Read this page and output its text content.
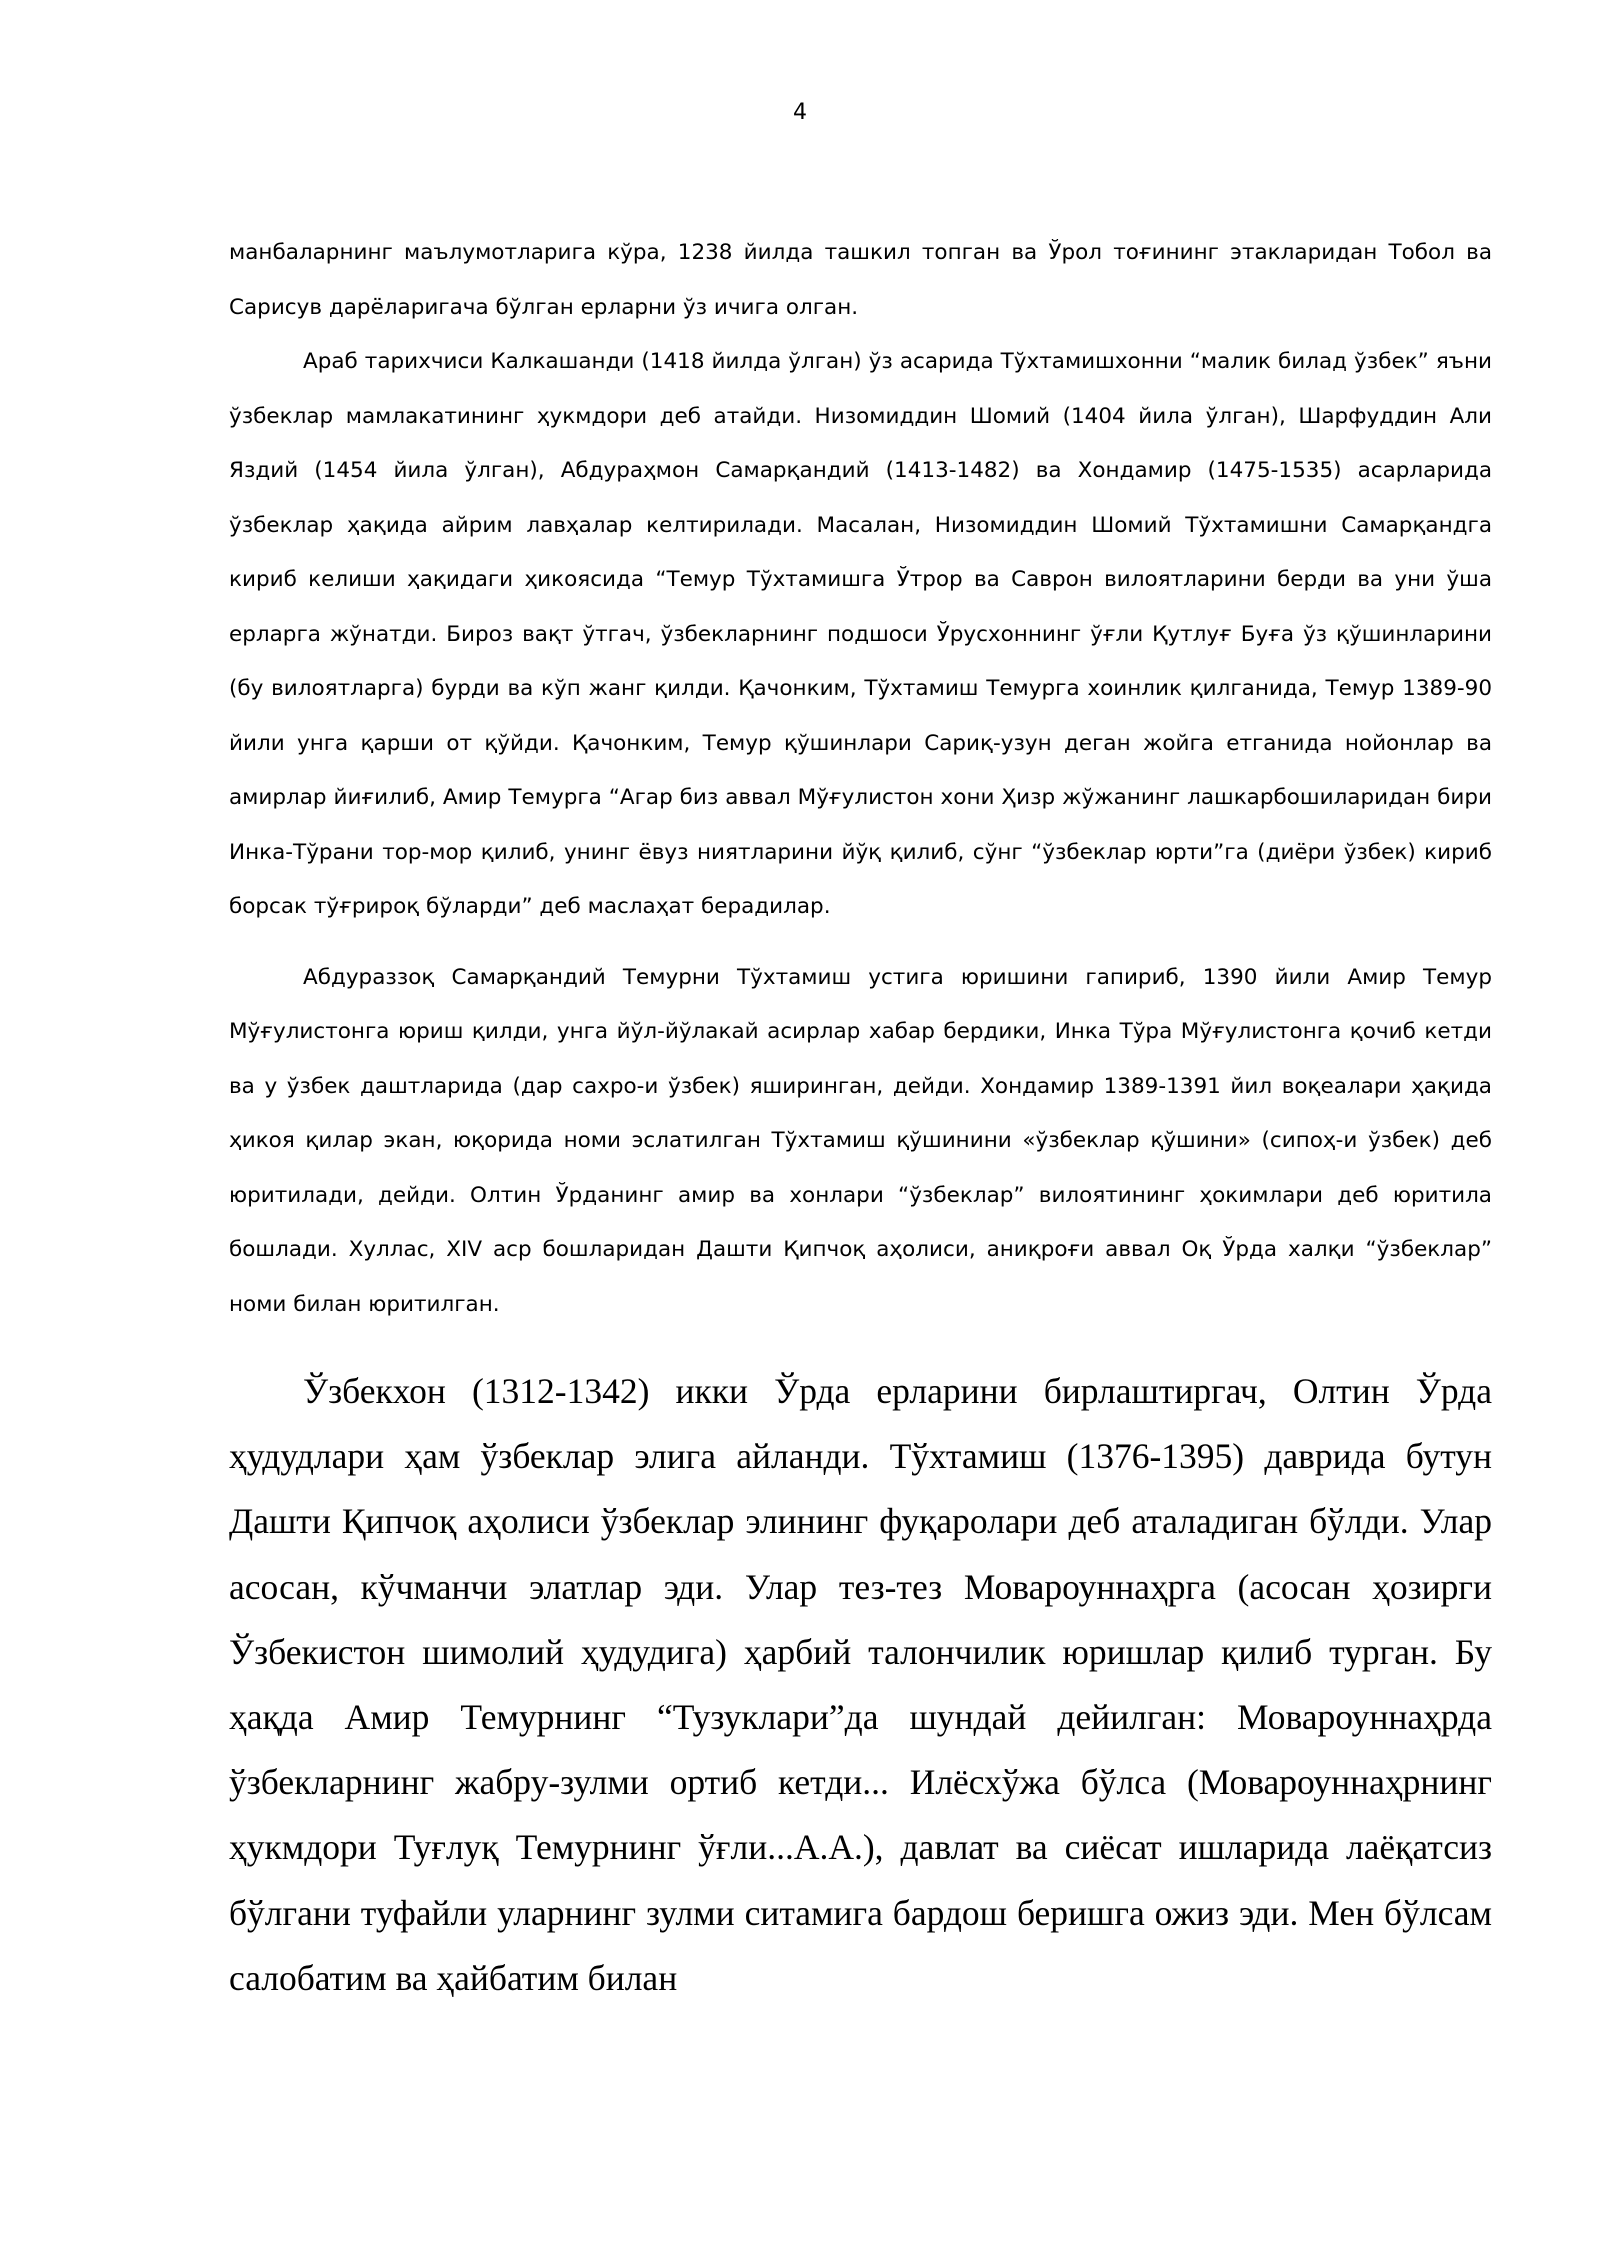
4

манбаларнинг маълумотларига кўра, 1238 йилда ташкил топган ва Ўрол тоғининг этакларидан Тобол ва Сарисув дарёларигача бўлган ерларни ўз ичига олган.

Араб тарихчиси Калкашанди (1418 йилда ўлган) ўз асарида Тўхтамишхонни “малик билад ўзбек” яъни ўзбеклар мамлакатининг ҳукмдори деб атайди. Низомиддин Шомий (1404 йила ўлган), Шарфуддин Али Яздий (1454 йила ўлган), Абдураҳмон Самарқандий (1413-1482) ва Хондамир (1475-1535) асарларида ўзбеклар ҳақида айрим лавҳалар келтирилади. Масалан, Низомиддин Шомий Тўхтамишни Самарқандга кириб келиши ҳақидаги ҳикоясида “Темур Тўхтамишга Ўтрор ва Саврон вилоятларини берди ва уни ўша ерларга жўнатди. Бироз вақт ўтгач, ўзбекларнинг подшоси Ўрусхоннинг ўғли Қутлуғ Буға ўз қўшинларини (бу вилоятларга) бурди ва кўп жанг қилди. Қачонким, Тўхтамиш Темурга хоинлик қилганида, Темур 1389-90 йили унга қарши от қўйди. Қачонким, Темур қўшинлари Сариқ-узун деган жойга етганида нойонлар ва амирлар йиғилиб, Амир Темурга “Агар биз аввал Мўғулистон хони Ҳизр жўжанинг лашкарбошиларидан бири Инка-Тўрани тор-мор қилиб, унинг ёвуз ниятларини йўқ қилиб, сўнг “ўзбеклар юрти”га (диёри ўзбек) кириб борсак тўғрироқ бўларди” деб маслаҳат берадилар.

Абдураззоқ Самарқандий Темурни Тўхтамиш устига юришини гапириб, 1390 йили Амир Темур Мўғулистонга юриш қилди, унга йўл-йўлакай асирлар хабар бердики, Инка Тўра Мўғулистонга қочиб кетди ва у ўзбек даштларида (дар сахро-и ўзбек) яширинган, дейди. Хондамир 1389-1391 йил воқеалари ҳақида ҳикоя қилар экан, юқорида номи эслатилган Тўхтамиш қўшинини «ўзбеклар қўшини» (сипоҳ-и ўзбек) деб юритилади, дейди. Олтин Ўрданинг амир ва хонлари “ўзбеклар” вилоятининг ҳокимлари деб юритила бошлади. Хуллас, XIV аср бошларидан Дашти Қипчоқ аҳолиси, аниқроғи аввал Оқ Ўрда халқи “ўзбеклар” номи билан юритилган.

Ўзбекхон (1312-1342) икки Ўрда ерларини бирлаштиргач, Олтин Ўрда ҳудудлари ҳам ўзбеклар элига айланди. Тўхтамиш (1376-1395) даврида бутун Дашти Қипчоқ аҳолиси ўзбеклар элининг фуқаролари деб аталадиган бўлди. Улар асосан, кўчманчи элатлар эди. Улар тез-тез Мовароуннаҳрга (асосан ҳозирги Ўзбекистон шимолий ҳудудига) ҳарбий талончилик юришлар қилиб турган. Бу ҳақда Амир Темурнинг “Тузуклари”да шундай дейилган: Мовароуннаҳрда ўзбекларнинг жабру-зулми ортиб кетди... Илёсхўжа бўлса (Мовароуннаҳрнинг ҳукмдори Туғлуқ Темурнинг ўғли...А.А.), давлат ва сиёсат ишларида лаёқатсиз бўлгани туфайли уларнинг зулми ситамига бардош беришга ожиз эди. Мен бўлсам салобатим ва ҳайбатим билан
